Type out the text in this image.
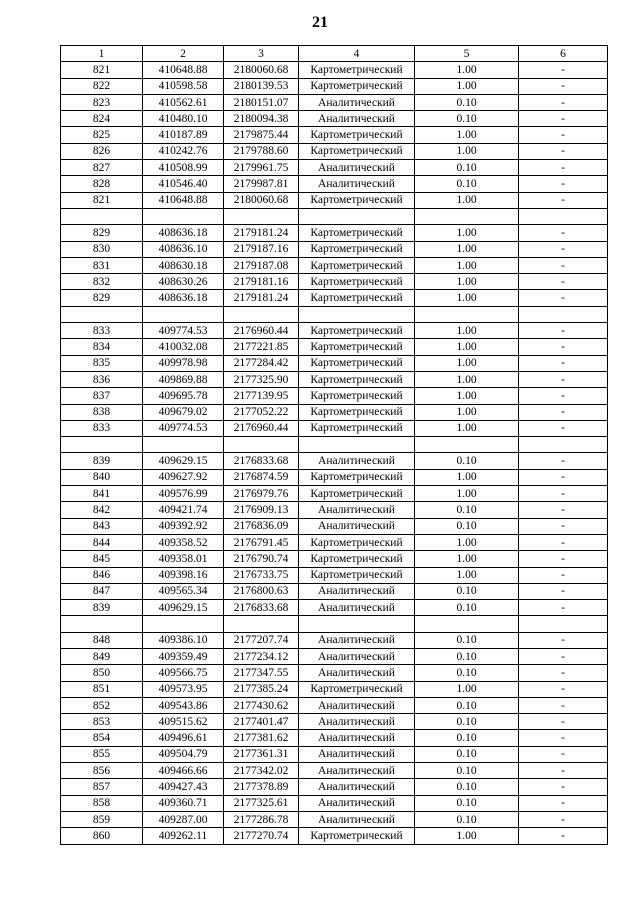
21
1	2	3	4	5	6
821	410648.88	2180060.68	Картометрический	1.00	-
822	410598.58	2180139.53	Картометрический	1.00	-
823	410562.61	2180151.07	Аналитический	0.10	-
824	410480.10	2180094.38	Аналитический	0.10	-
825	410187.89	2179875.44	Картометрический	1.00	-
826	410242.76	2179788.60	Картометрический	1.00	-
827	410508.99	2179961.75	Аналитический	0.10	-
828	410546.40	2179987.81	Аналитический	0.10	-
821	410648.88	2180060.68	Картометрический	1.00	-

829	408636.18	2179181.24	Картометрический	1.00	-
830	408636.10	2179187.16	Картометрический	1.00	-
831	408630.18	2179187.08	Картометрический	1.00	-
832	408630.26	2179181.16	Картометрический	1.00	-
829	408636.18	2179181.24	Картометрический	1.00	-

833	409774.53	2176960.44	Картометрический	1.00	-
834	410032.08	2177221.85	Картометрический	1.00	-
835	409978.98	2177284.42	Картометрический	1.00	-
836	409869.88	2177325.90	Картометрический	1.00	-
837	409695.78	2177139.95	Картометрический	1.00	-
838	409679.02	2177052.22	Картометрический	1.00	-
833	409774.53	2176960.44	Картометрический	1.00	-

839	409629.15	2176833.68	Аналитический	0.10	-
840	409627.92	2176874.59	Картометрический	1.00	-
841	409576.99	2176979.76	Картометрический	1.00	-
842	409421.74	2176909.13	Аналитический	0.10	-
843	409392.92	2176836.09	Аналитический	0.10	-
844	409358.52	2176791.45	Картометрический	1.00	-
845	409358.01	2176790.74	Картометрический	1.00	-
846	409398.16	2176733.75	Картометрический	1.00	-
847	409565.34	2176800.63	Аналитический	0.10	-
839	409629.15	2176833.68	Аналитический	0.10	-

848	409386.10	2177207.74	Аналитический	0.10	-
849	409359.49	2177234.12	Аналитический	0.10	-
850	409566.75	2177347.55	Аналитический	0.10	-
851	409573.95	2177385.24	Картометрический	1.00	-
852	409543.86	2177430.62	Аналитический	0.10	-
853	409515.62	2177401.47	Аналитический	0.10	-
854	409496.61	2177381.62	Аналитический	0.10	-
855	409504.79	2177361.31	Аналитический	0.10	-
856	409466.66	2177342.02	Аналитический	0.10	-
857	409427.43	2177378.89	Аналитический	0.10	-
858	409360.71	2177325.61	Аналитический	0.10	-
859	409287.00	2177286.78	Аналитический	0.10	-
860	409262.11	2177270.74	Картометрический	1.00	-
